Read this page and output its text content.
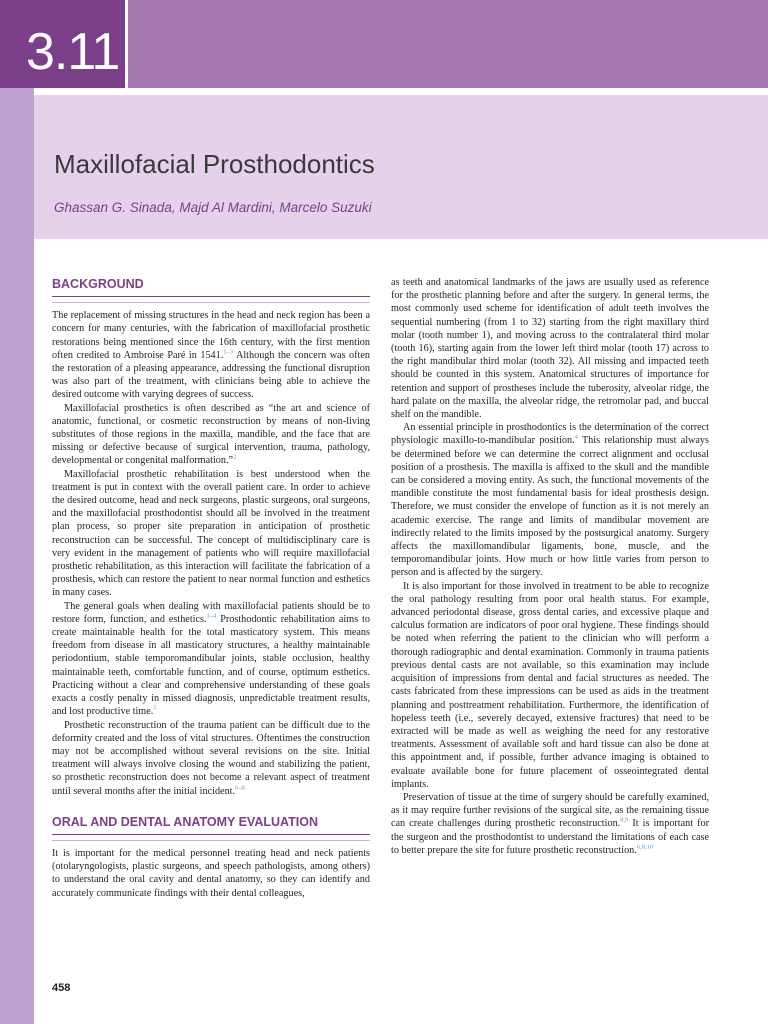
3.11
Maxillofacial Prosthodontics

Ghassan G. Sinada, Majd Al Mardini, Marcelo Suzuki

BACKGROUND

The replacement of missing structures in the head and neck region has been a concern for many centuries, with the fabrication of maxillofacial prosthetic restorations being mentioned since the 16th century, with the first mention often credited to Ambroise Paré in 1541.$^{1-3}$ Although the concern was often the restoration of a pleasing appearance, addressing the functional disruption was also part of the treatment, with clinicians being able to achieve the desired outcome with varying degrees of success.

Maxillofacial prosthetics is often described as “the art and science of anatomic, functional, or cosmetic reconstruction by means of non-living substitutes of those regions in the maxilla, mandible, and the face that are missing or defective because of surgical intervention, trauma, pathology, developmental or congenital malformation.”$^2$

Maxillofacial prosthetic rehabilitation is best understood when the treatment is put in context with the overall patient care. In order to achieve the desired outcome, head and neck surgeons, plastic surgeons, oral surgeons, and the maxillofacial prosthodontist should all be involved in the treatment plan process, so proper site preparation in anticipation of prosthetic reconstruction can be successful. The concept of multidisciplinary care is very evident in the management of patients who will require maxillofacial prosthetic rehabilitation, as this interaction will facilitate the fabrication of a prosthesis, which can restore the patient to near normal function and esthetics in many cases.

The general goals when dealing with maxillofacial patients should be to restore form, function, and esthetics.$^{1-4}$ Prosthodontic rehabilitation aims to create maintainable health for the total masticatory system. This means freedom from disease in all masticatory structures, a healthy maintainable periodontium, stable temporomandibular joints, stable occlusion, healthy maintainable teeth, comfortable function, and of course, optimum esthetics. Practicing without a clear and comprehensive understanding of these goals exacts a costly penalty in missed diagnosis, unpredictable treatment results, and lost productive time.$^5$

Prosthetic reconstruction of the trauma patient can be difficult due to the deformity created and the loss of vital structures. Oftentimes the construction may not be accomplished without several revisions on the site. Initial treatment will always involve closing the wound and stabilizing the patient, so prosthetic reconstruction does not become a relevant aspect of treatment until several months after the initial incident.$^{6-8}$

ORAL AND DENTAL ANATOMY EVALUATION

It is important for the medical personnel treating head and neck patients (otolaryngologists, plastic surgeons, and speech pathologists, among others) to understand the oral cavity and dental anatomy, so they can identify and accurately communicate findings with their dental colleagues,

as teeth and anatomical landmarks of the jaws are usually used as reference for the prosthetic planning before and after the surgery. In general terms, the most commonly used scheme for identification of adult teeth involves the sequential numbering (from 1 to 32) starting from the right maxillary third molar (tooth number 1), and moving across to the contralateral third molar (tooth 16), starting again from the lower left third molar (tooth 17) across to the right mandibular third molar (tooth 32). All missing and impacted teeth should be counted in this system. Anatomical structures of importance for retention and support of prostheses include the tuberosity, alveolar ridge, the hard palate on the maxilla, the alveolar ridge, the retromolar pad, and buccal shelf on the mandible.

An essential principle in prosthodontics is the determination of the correct physiologic maxillo-to-mandibular position.$^4$ This relationship must always be determined before we can determine the correct alignment and occlusal position of a prosthesis. The maxilla is affixed to the skull and the mandible can be considered a moving entity. As such, the functional movements of the mandible constitute the most fundamental basis for ideal prosthesis design. Therefore, we must consider the envelope of function as it is not merely an academic exercise. The range and limits of mandibular movement are indirectly related to the limits imposed by the postsurgical anatomy. Surgery affects the maxillomandibular ligaments, bone, muscle, and the temporomandibular joints. How much or how little varies from person to person and is affected by the surgery.

It is also important for those involved in treatment to be able to recognize the oral pathology resulting from poor oral health status. For example, advanced periodontal disease, gross dental caries, and excessive plaque and calculus formation are indicators of poor oral hygiene. These findings should be noted when referring the patient to the clinician who will perform a thorough radiographic and dental examination. Commonly in trauma patients previous dental casts are not available, so this examination may include acquisition of impressions from dental and facial structures as needed. The casts fabricated from these impressions can be used as aids in the treatment planning and posttreatment rehabilitation. Furthermore, the identification of hopeless teeth (i.e., severely decayed, extensive fractures) that need to be extracted will be made as well as weighing the need for any restorative treatments. Assessment of available soft and hard tissue can also be done at this appointment and, if possible, further advance imaging is obtained to evaluate available bone for future placement of osseointegrated dental implants.

Preservation of tissue at the time of surgery should be carefully examined, as it may require further revisions of the surgical site, as the remaining tissue can create challenges during prosthetic reconstruction.$^{8,9}$ It is important for the surgeon and the prosthodontist to understand the limitations of each case to better prepare the site for future prosthetic reconstruction.$^{6,8,10}$

458
